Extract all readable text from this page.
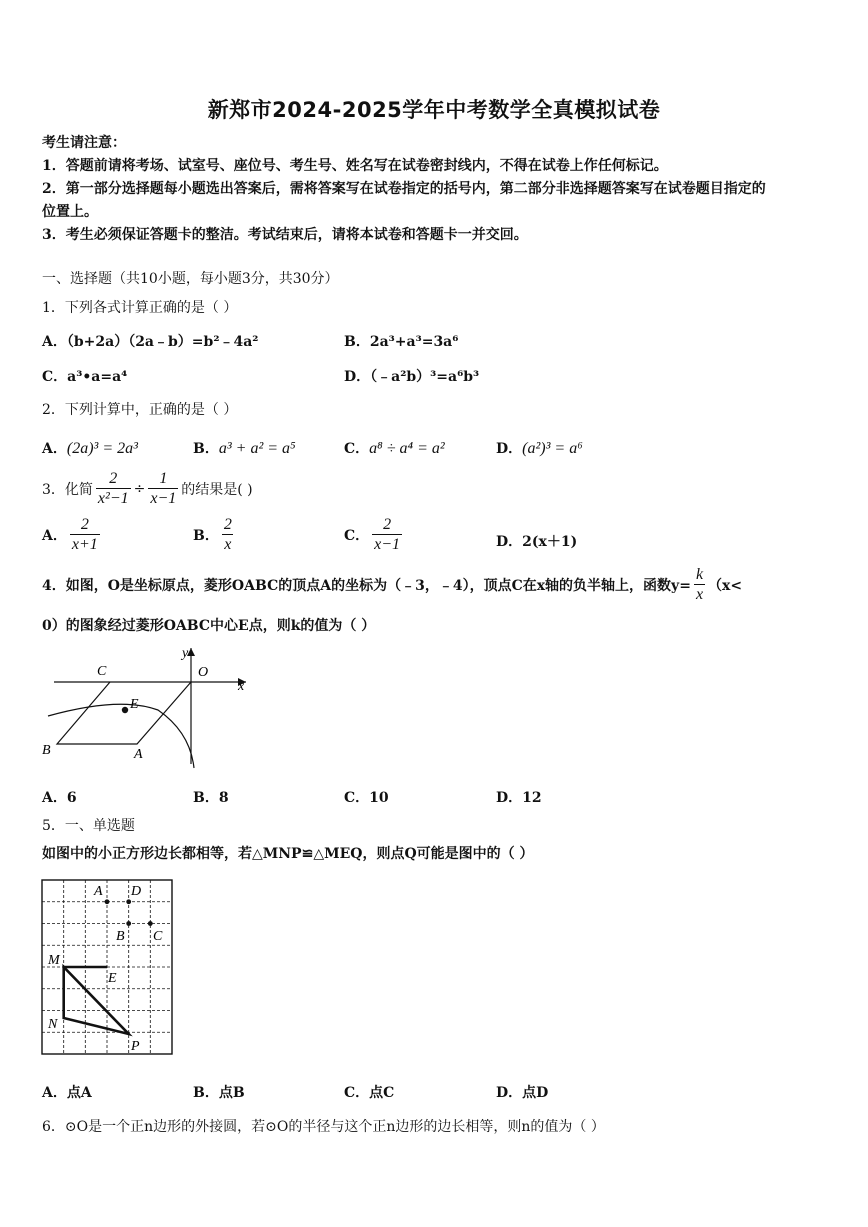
新郑市2024-2025学年中考数学全真模拟试卷
考生请注意：
1．答题前请将考场、试室号、座位号、考生号、姓名写在试卷密封线内，不得在试卷上作任何标记。
2．第一部分选择题每小题选出答案后，需将答案写在试卷指定的括号内，第二部分非选择题答案写在试卷题目指定的
位置上。
3．考生必须保证答题卡的整洁。考试结束后，请将本试卷和答题卡一并交回。
一、选择题（共10小题，每小题3分，共30分）
1．下列各式计算正确的是（ ）
A．（b+2a）（2a﹣b）=b²﹣4a²	B．2a³+a³=3a⁶
C．a³•a=a⁴	D．（﹣a²b）³=a⁶b³
2．下列计算中，正确的是（ ）
A．(2a)³ = 2a³	B．a³ + a² = a⁵	C．a⁸ ÷ a⁴ = a²	D．(a²)³ = a⁶
3．化简 $\frac{2}{\text{x²−1}} \div \frac{1}{x-1}$ 的结果是( )
A． $\frac{2}{x+1}$	B． $\frac{2}{x}$	C． $\frac{2}{x-1}$	D．2(x＋1)
4．如图，O是坐标原点，菱形OABC的顶点A的坐标为（﹣3，﹣4），顶点C在x轴的负半轴上，函数$y= \frac{k}{x} (x<$
0）的图象经过菱形OABC中心E点，则k的值为（ ）
C	O
x
y
E
B	A
A．6	B．8	C．10	D．12
5．一、单选题
如图中的小正方形边长都相等，若△MNP≌△MEQ，则点Q可能是图中的（ ）
A D
B C
M
E
N
P
A．点A	B．点B	C．点C	D．点D
6．⊙O是一个正n边形的外接圆，若⊙O的半径与这个正n边形的边长相等，则n的值为（ ）
